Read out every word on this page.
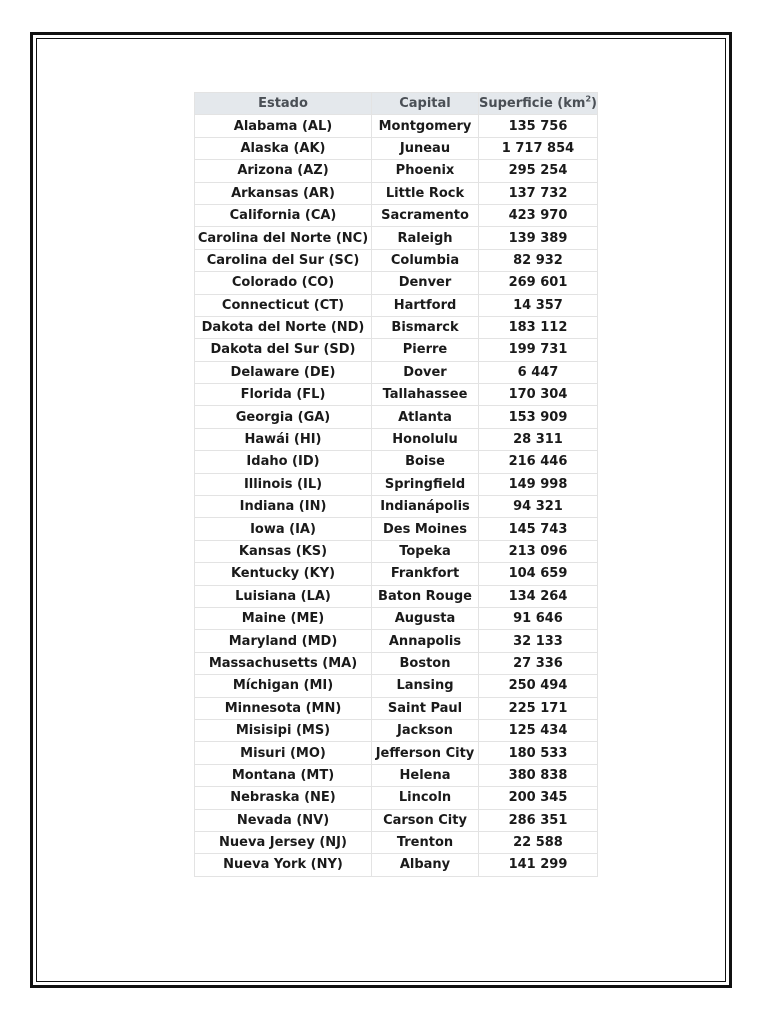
Estado	Capital	Superficie $(km^2)$
Alabama (AL)	Montgomery	135 756
Alaska (AK)	Juneau	1 717 854
Arizona (AZ)	Phoenix	295 254
Arkansas (AR)	Little Rock	137 732
California (CA)	Sacramento	423 970
Carolina del Norte (NC)	Raleigh	139 389
Carolina del Sur (SC)	Columbia	82 932
Colorado (CO)	Denver	269 601
Connecticut (CT)	Hartford	14 357
Dakota del Norte (ND)	Bismarck	183 112
Dakota del Sur (SD)	Pierre	199 731
Delaware (DE)	Dover	6 447
Florida (FL)	Tallahassee	170 304
Georgia (GA)	Atlanta	153 909
Hawái (HI)	Honolulu	28 311
Idaho (ID)	Boise	216 446
Illinois (IL)	Springfield	149 998
Indiana (IN)	Indianápolis	94 321
Iowa (IA)	Des Moines	145 743
Kansas (KS)	Topeka	213 096
Kentucky (KY)	Frankfort	104 659
Luisiana (LA)	Baton Rouge	134 264
Maine (ME)	Augusta	91 646
Maryland (MD)	Annapolis	32 133
Massachusetts (MA)	Boston	27 336
Míchigan (MI)	Lansing	250 494
Minnesota (MN)	Saint Paul	225 171
Misisipi (MS)	Jackson	125 434
Misuri (MO)	Jefferson City	180 533
Montana (MT)	Helena	380 838
Nebraska (NE)	Lincoln	200 345
Nevada (NV)	Carson City	286 351
Nueva Jersey (NJ)	Trenton	22 588
Nueva York (NY)	Albany	141 299
